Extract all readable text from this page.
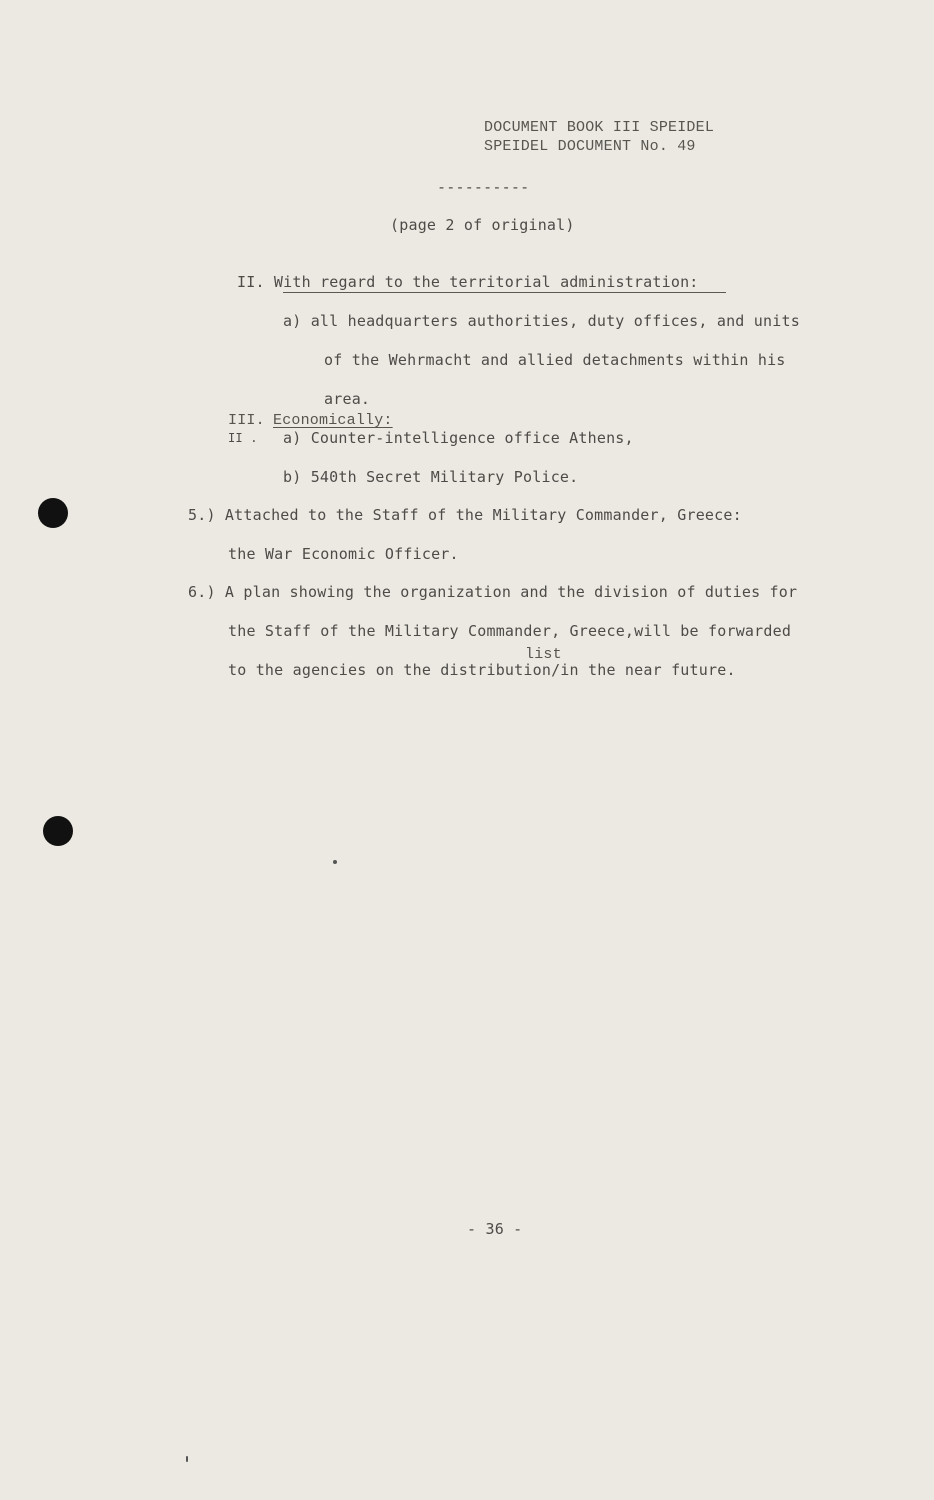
DOCUMENT BOOK III SPEIDEL
SPEIDEL DOCUMENT No. 49
----------
(page 2 of original)
II. With regard to the territorial administration:
a) all headquarters authorities, duty offices, and units
of the Wehrmacht and allied detachments within his
area.
III. Economically:
II . a) Counter-intelligence office Athens,
b) 540th Secret Military Police.
5.) Attached to the Staff of the Military Commander, Greece:
the War Economic Officer.
6.) A plan showing the organization and the division of duties for
the Staff of the Military Commander, Greece,will be forwarded
list
to the agencies on the distribution/in the near future.
- 36 -
